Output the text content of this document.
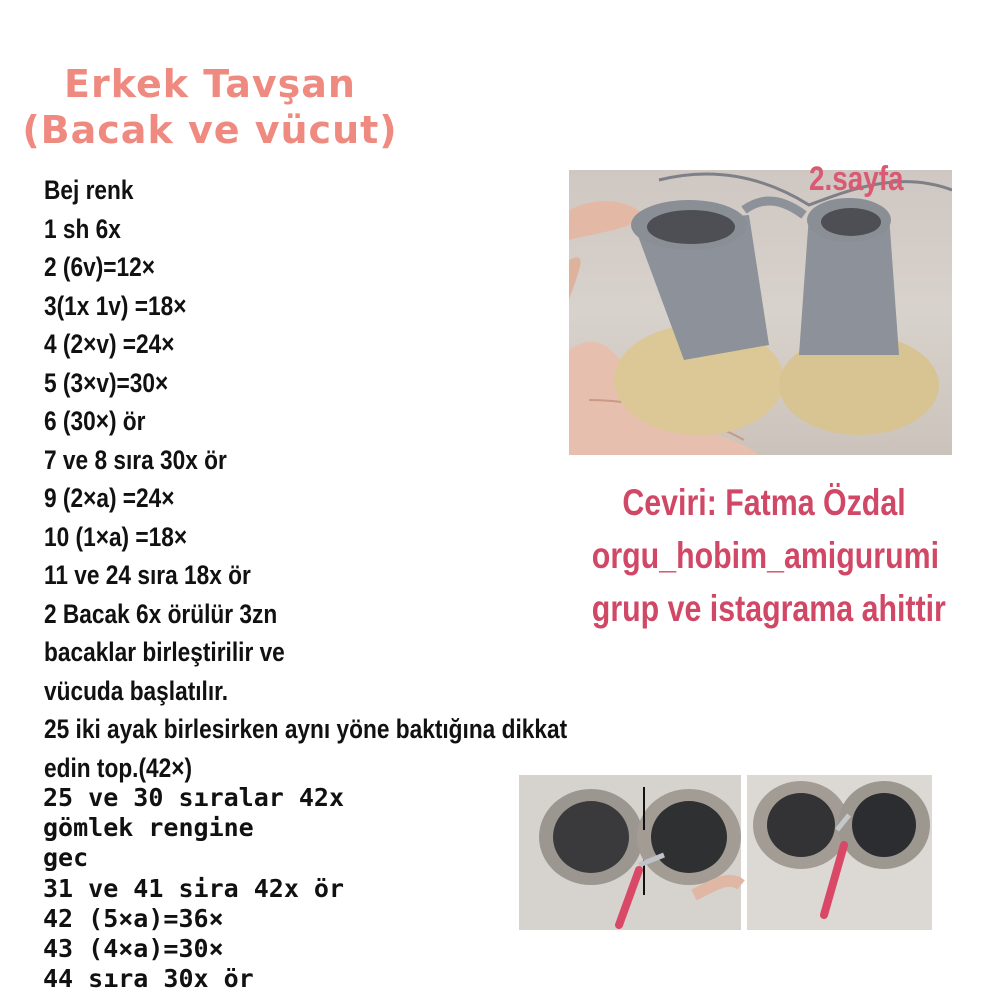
Erkek Tavşan
(Bacak ve vücut)
Bej renk
1 sh 6x
2 (6v)=12×
3(1x 1v) =18×
4 (2×v) =24×
5 (3×v)=30×
6 (30×) ör
7 ve 8 sıra 30x ör
9 (2×a) =24×
10 (1×a) =18×
11 ve 24 sıra 18x ör
2 Bacak 6x örülür 3zn
bacaklar birleştirilir ve
vücuda başlatılır.
25 iki ayak birlesirken aynı yöne baktığına dikkat
edin top.(42×)
25 ve 30 sıralar 42x
gömlek rengine
gec
31 ve 41 sira 42x ör
42 (5×a)=36×
43 (4×a)=30×
44 sıra 30x ör
2.sayfa
Ceviri: Fatma Özdal
orgu_hobim_amigurumi
grup ve istagrama ahittir
